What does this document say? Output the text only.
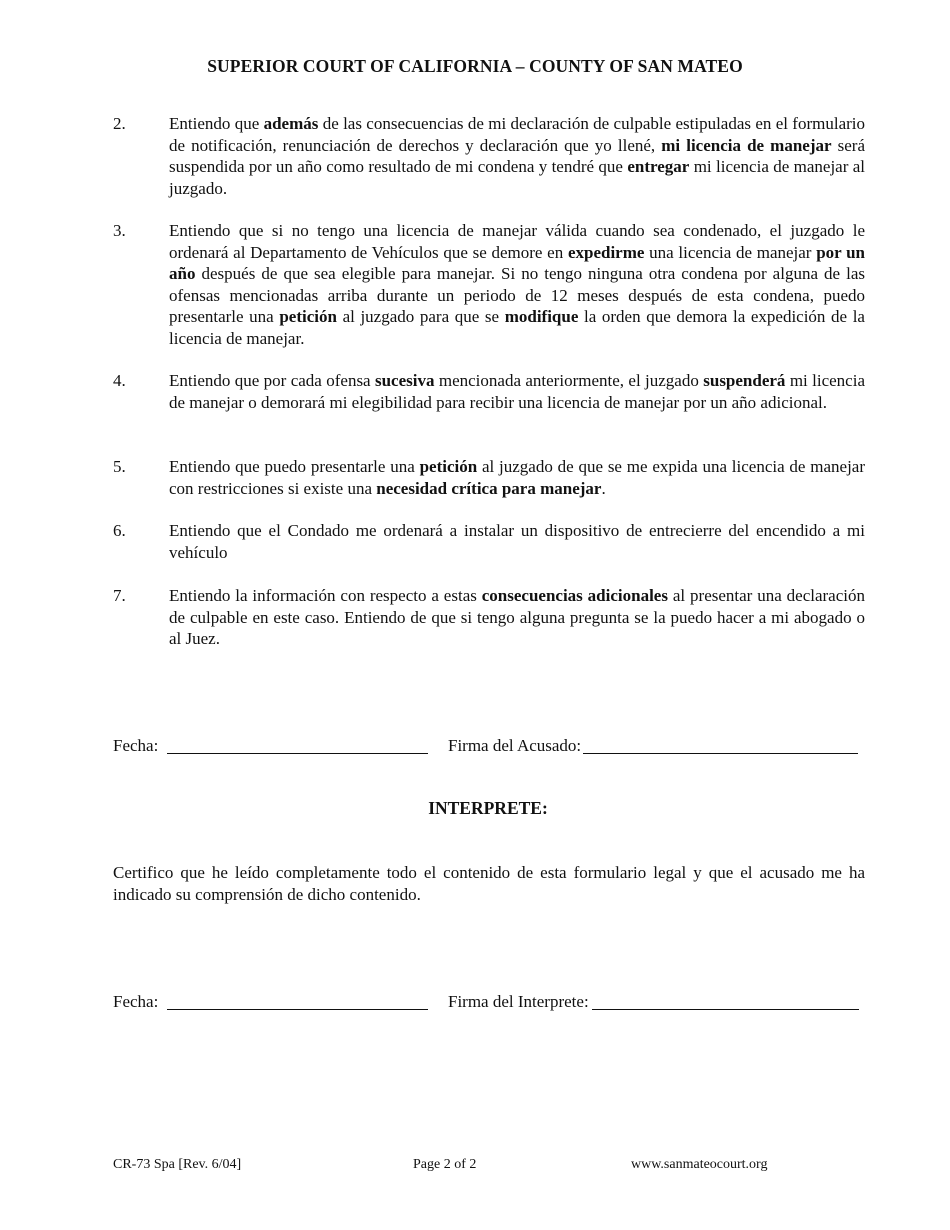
SUPERIOR COURT OF CALIFORNIA – COUNTY OF SAN MATEO
2.	Entiendo que además de las consecuencias de mi declaración de culpable estipuladas en el formulario de notificación, renunciación de derechos y declaración que yo llené, mi licencia de manejar será suspendida por un año como resultado de mi condena y tendré que entregar mi licencia de manejar al juzgado.
3.	Entiendo que si no tengo una licencia de manejar válida cuando sea condenado, el juzgado le ordenará al Departamento de Vehículos que se demore en expedirme una licencia de manejar por un año después de que sea elegible para manejar. Si no tengo ninguna otra condena por alguna de las ofensas mencionadas arriba durante un periodo de 12 meses después de esta condena, puedo presentarle una petición al juzgado para que se modifique la orden que demora la expedición de la licencia de manejar.
4.	Entiendo que por cada ofensa sucesiva mencionada anteriormente, el juzgado suspenderá mi licencia de manejar o demorará mi elegibilidad para recibir una licencia de manejar por un año adicional.
5.	Entiendo que puedo presentarle una petición al juzgado de que se me expida una licencia de manejar con restricciones si existe una necesidad crítica para manejar.
6.	Entiendo que el Condado me ordenará a instalar un dispositivo de entrecierre del encendido a mi vehículo
7.	Entiendo la información con respecto a estas consecuencias adicionales al presentar una declaración de culpable en este caso. Entiendo de que si tengo alguna pregunta se la puedo hacer a mi abogado o al Juez.
Fecha:	Firma del Acusado:
INTERPRETE:
Certifico que he leído completamente todo el contenido de esta formulario legal y que el acusado me ha indicado su comprensión de dicho contenido.
Fecha:	Firma del Interprete:
CR-73 Spa [Rev. 6/04]	Page 2 of 2	www.sanmateocourt.org
